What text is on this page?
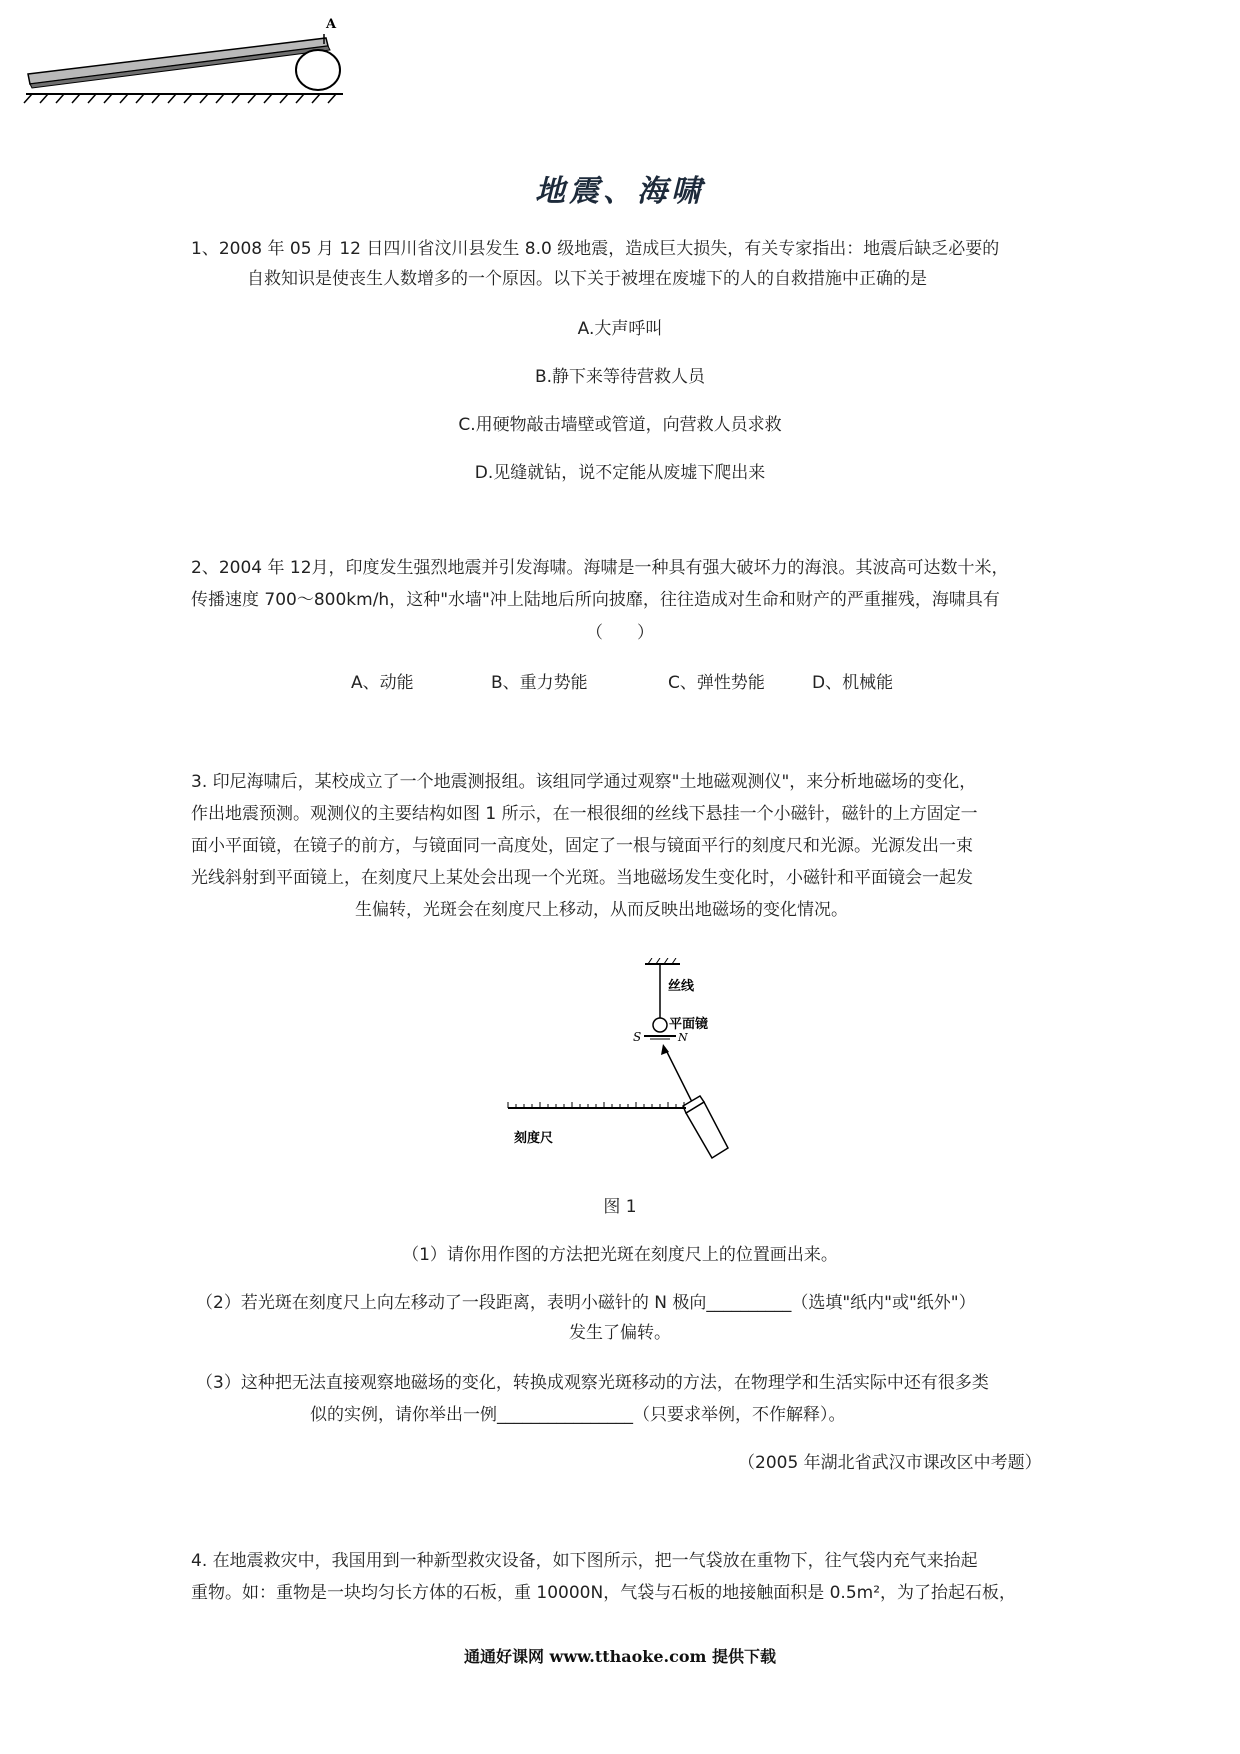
A
地震、海啸
1、2008 年 05 月 12 日四川省汶川县发生 8.0 级地震，造成巨大损失，有关专家指出：地震后缺乏必要的
自救知识是使丧生人数增多的一个原因。以下关于被埋在废墟下的人的自救措施中正确的是
A.大声呼叫
B.静下来等待营救人员
C.用硬物敲击墙壁或管道，向营救人员求救
D.见缝就钻，说不定能从废墟下爬出来
2、2004 年 12月，印度发生强烈地震并引发海啸。海啸是一种具有强大破坏力的海浪。其波高可达数十米，
传播速度 700～800km/h，这种"水墙"冲上陆地后所向披靡，往往造成对生命和财产的严重摧残，海啸具有
（　　）
A、动能	B、重力势能	C、弹性势能	D、机械能
3. 印尼海啸后，某校成立了一个地震测报组。该组同学通过观察"土地磁观测仪"，来分析地磁场的变化，
作出地震预测。观测仪的主要结构如图 1 所示，在一根很细的丝线下悬挂一个小磁针，磁针的上方固定一
面小平面镜，在镜子的前方，与镜面同一高度处，固定了一根与镜面平行的刻度尺和光源。光源发出一束
光线斜射到平面镜上，在刻度尺上某处会出现一个光斑。当地磁场发生变化时，小磁针和平面镜会一起发
生偏转，光斑会在刻度尺上移动，从而反映出地磁场的变化情况。
丝线
平面镜
S	N
刻度尺
图 1
（1）请你用作图的方法把光斑在刻度尺上的位置画出来。
（2）若光斑在刻度尺上向左移动了一段距离，表明小磁针的 N 极向__________（选填"纸内"或"纸外"）
发生了偏转。
（3）这种把无法直接观察地磁场的变化，转换成观察光斑移动的方法，在物理学和生活实际中还有很多类
似的实例，请你举出一例________________（只要求举例，不作解释）。
（2005 年湖北省武汉市课改区中考题）
4. 在地震救灾中，我国用到一种新型救灾设备，如下图所示，把一气袋放在重物下，往气袋内充气来抬起
重物。如：重物是一块均匀长方体的石板，重 10000N，气袋与石板的地接触面积是 0.5m²，为了抬起石板，
通通好课网 www.tthaoke.com 提供下载
